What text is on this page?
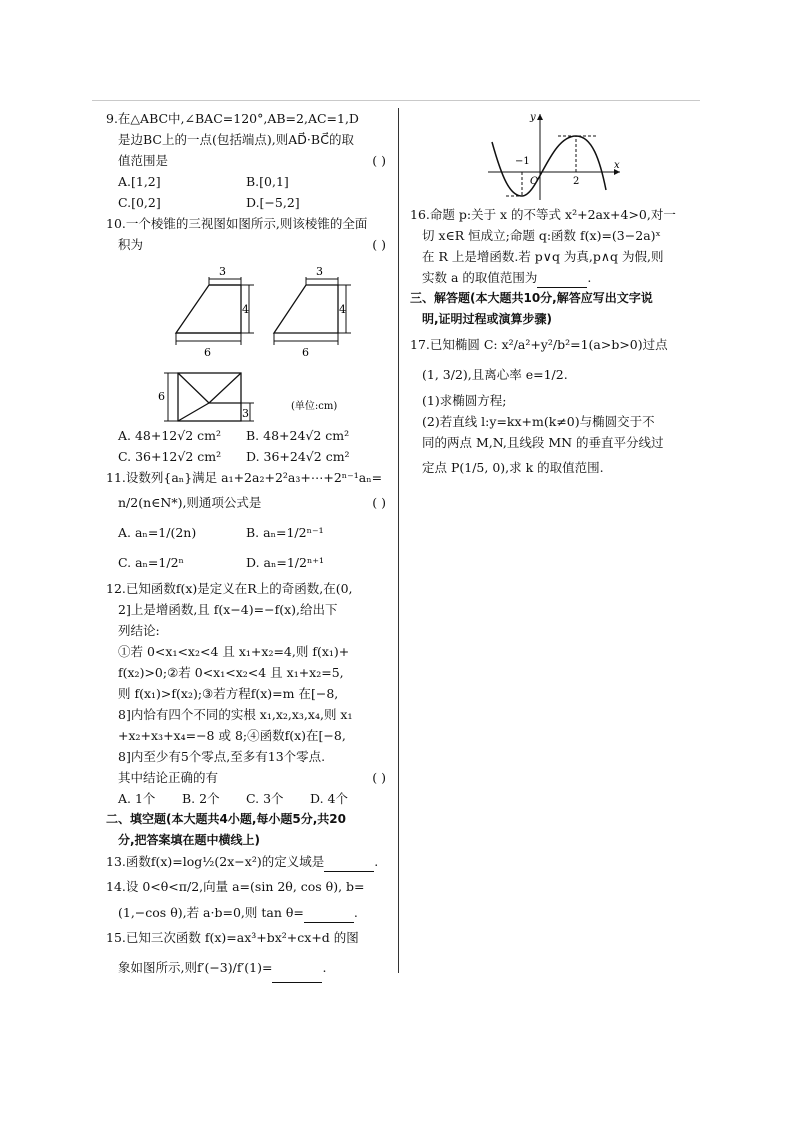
9.在△ABC中,∠BAC=120°,AB=2,AC=1,D
是边BC上的一点(包括端点),则AD⃗·BC⃗的取
值范围是	( )
A.[1,2]	B.[0,1]
C.[0,2]	D.[−5,2]
10.一个棱锥的三视图如图所示,则该棱锥的全面
积为	( )
3
4
6
3
4
6
6
3
(单位:cm)
A. 48+12√2 cm²	B. 48+24√2 cm²
C. 36+12√2 cm²	D. 36+24√2 cm²
11.设数列{aₙ}满足 a₁+2a₂+2²a₃+⋯+2ⁿ⁻¹aₙ=
n/2(n∈N*),则通项公式是	( )
A. aₙ=1/(2n)	B. aₙ=1/2ⁿ⁻¹
C. aₙ=1/2ⁿ	D. aₙ=1/2ⁿ⁺¹
12.已知函数f(x)是定义在R上的奇函数,在(0,
2]上是增函数,且 f(x−4)=−f(x),给出下
列结论:
①若 0<x₁<x₂<4 且 x₁+x₂=4,则 f(x₁)+
f(x₂)>0;②若 0<x₁<x₂<4 且 x₁+x₂=5,
则 f(x₁)>f(x₂);③若方程f(x)=m 在[−8,
8]内恰有四个不同的实根 x₁,x₂,x₃,x₄,则 x₁
+x₂+x₃+x₄=−8 或 8;④函数f(x)在[−8,
8]内至少有5个零点,至多有13个零点.
其中结论正确的有	( )
A. 1个 B. 2个 C. 3个 D. 4个
二、填空题(本大题共4小题,每小题5分,共20
分,把答案填在题中横线上)
13.函数f(x)=log½(2x−x²)的定义域是	.
14.设 0<θ<π/2,向量 a=(sin 2θ, cos θ), b=
(1,−cos θ),若 a·b=0,则 tan θ=	.
15.已知三次函数 f(x)=ax³+bx²+cx+d 的图
象如图所示,则f′(−3)/f′(1)=	.
y
x
O
−1
2
16.命题 p:关于 x 的不等式 x²+2ax+4>0,对一
切 x∈R 恒成立;命题 q:函数 f(x)=(3−2a)ˣ
在 R 上是增函数.若 p∨q 为真,p∧q 为假,则
实数 a 的取值范围为	.
三、解答题(本大题共10分,解答应写出文字说
明,证明过程或演算步骤)
17.已知椭圆 C: x²/a²+y²/b²=1(a>b>0)过点
(1, 3/2),且离心率 e=1/2.
(1)求椭圆方程;
(2)若直线 l:y=kx+m(k≠0)与椭圆交于不
同的两点 M,N,且线段 MN 的垂直平分线过
定点 P(1/5, 0),求 k 的取值范围.
